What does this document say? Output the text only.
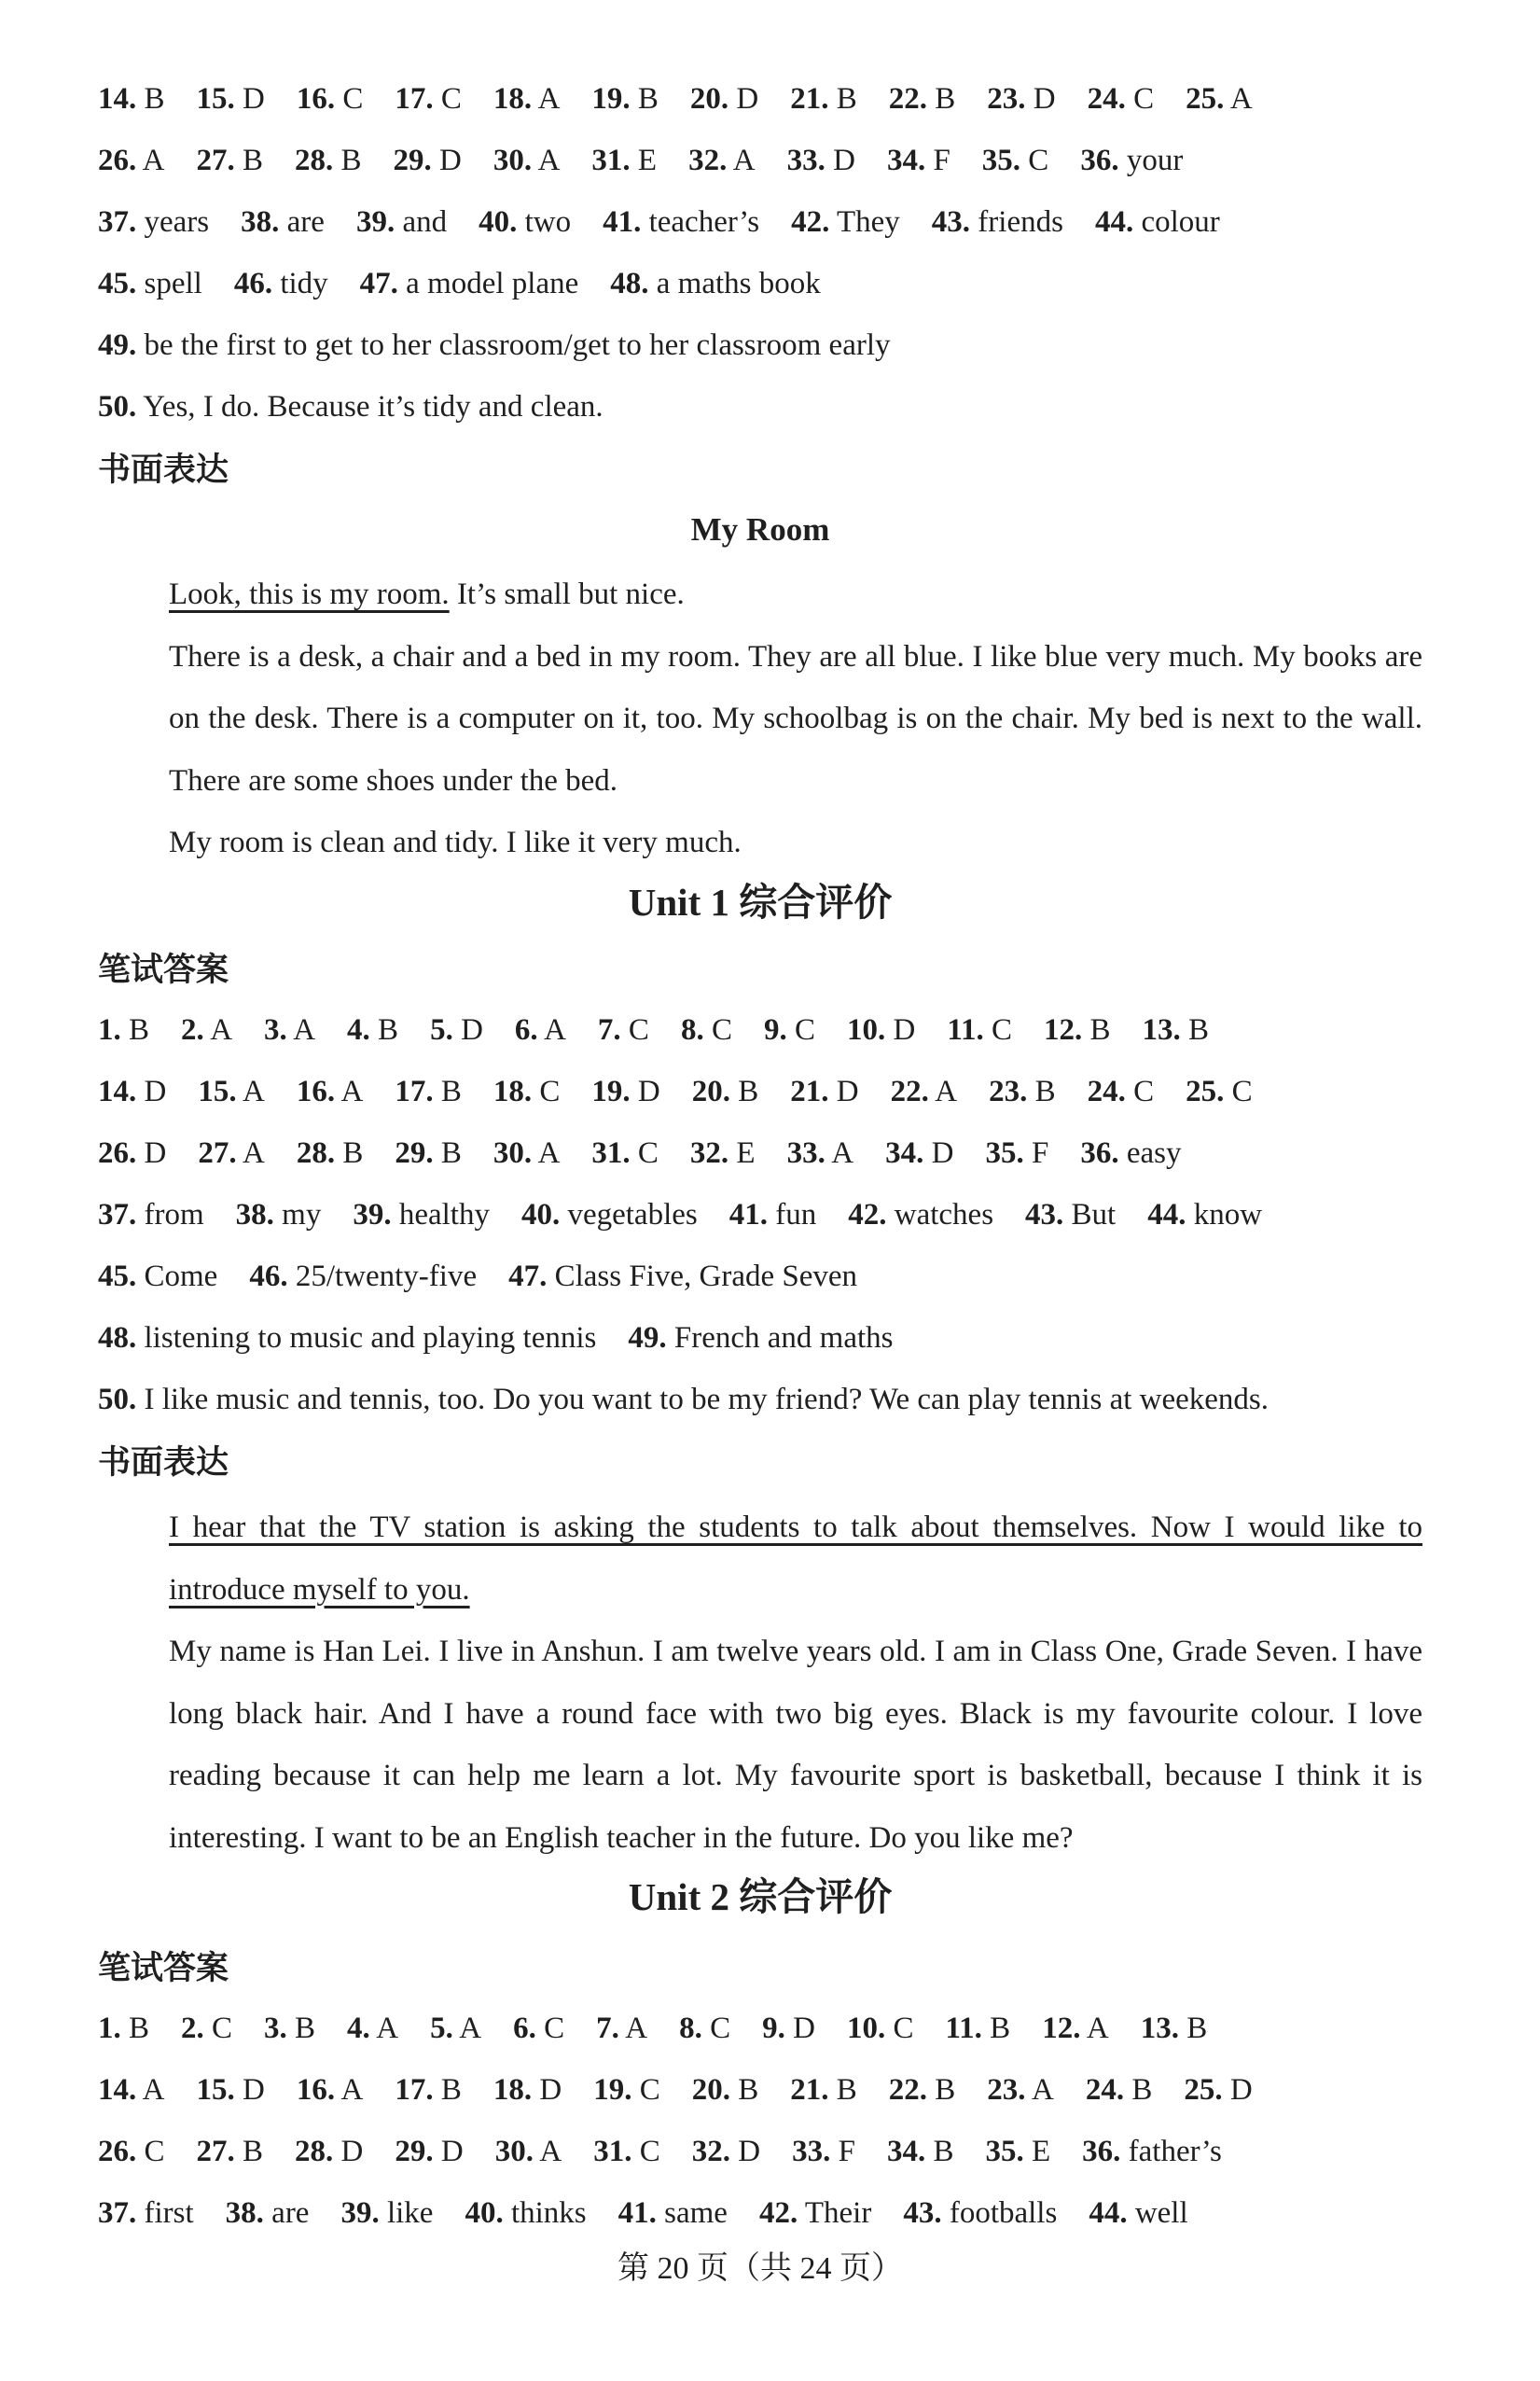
14. B 15. D 16. C 17. C 18. A 19. B 20. D 21. B 22. B 23. D 24. C 25. A
26. A 27. B 28. B 29. D 30. A 31. E 32. A 33. D 34. F 35. C 36. your
37. years 38. are 39. and 40. two 41. teacher’s 42. They 43. friends 44. colour
45. spell 46. tidy 47. a model plane 48. a maths book
49. be the first to get to her classroom/get to her classroom early
50. Yes, I do. Because it’s tidy and clean.
书面表达
My Room
Look, this is my room. It’s small but nice.
There is a desk, a chair and a bed in my room. They are all blue. I like blue very much. My books are on the desk. There is a computer on it, too. My schoolbag is on the chair. My bed is next to the wall. There are some shoes under the bed.
My room is clean and tidy. I like it very much.
Unit 1 综合评价
笔试答案
1. B 2. A 3. A 4. B 5. D 6. A 7. C 8. C 9. C 10. D 11. C 12. B 13. B
14. D 15. A 16. A 17. B 18. C 19. D 20. B 21. D 22. A 23. B 24. C 25. C
26. D 27. A 28. B 29. B 30. A 31. C 32. E 33. A 34. D 35. F 36. easy
37. from 38. my 39. healthy 40. vegetables 41. fun 42. watches 43. But 44. know
45. Come 46. 25/twenty-five 47. Class Five, Grade Seven
48. listening to music and playing tennis 49. French and maths
50. I like music and tennis, too. Do you want to be my friend? We can play tennis at weekends.
书面表达
I hear that the TV station is asking the students to talk about themselves. Now I would like to introduce myself to you.
My name is Han Lei. I live in Anshun. I am twelve years old. I am in Class One, Grade Seven. I have long black hair. And I have a round face with two big eyes. Black is my favourite colour. I love reading because it can help me learn a lot. My favourite sport is basketball, because I think it is interesting. I want to be an English teacher in the future. Do you like me?
Unit 2 综合评价
笔试答案
1. B 2. C 3. B 4. A 5. A 6. C 7. A 8. C 9. D 10. C 11. B 12. A 13. B
14. A 15. D 16. A 17. B 18. D 19. C 20. B 21. B 22. B 23. A 24. B 25. D
26. C 27. B 28. D 29. D 30. A 31. C 32. D 33. F 34. B 35. E 36. father’s
37. first 38. are 39. like 40. thinks 41. same 42. Their 43. footballs 44. well
第 20 页（共 24 页）
